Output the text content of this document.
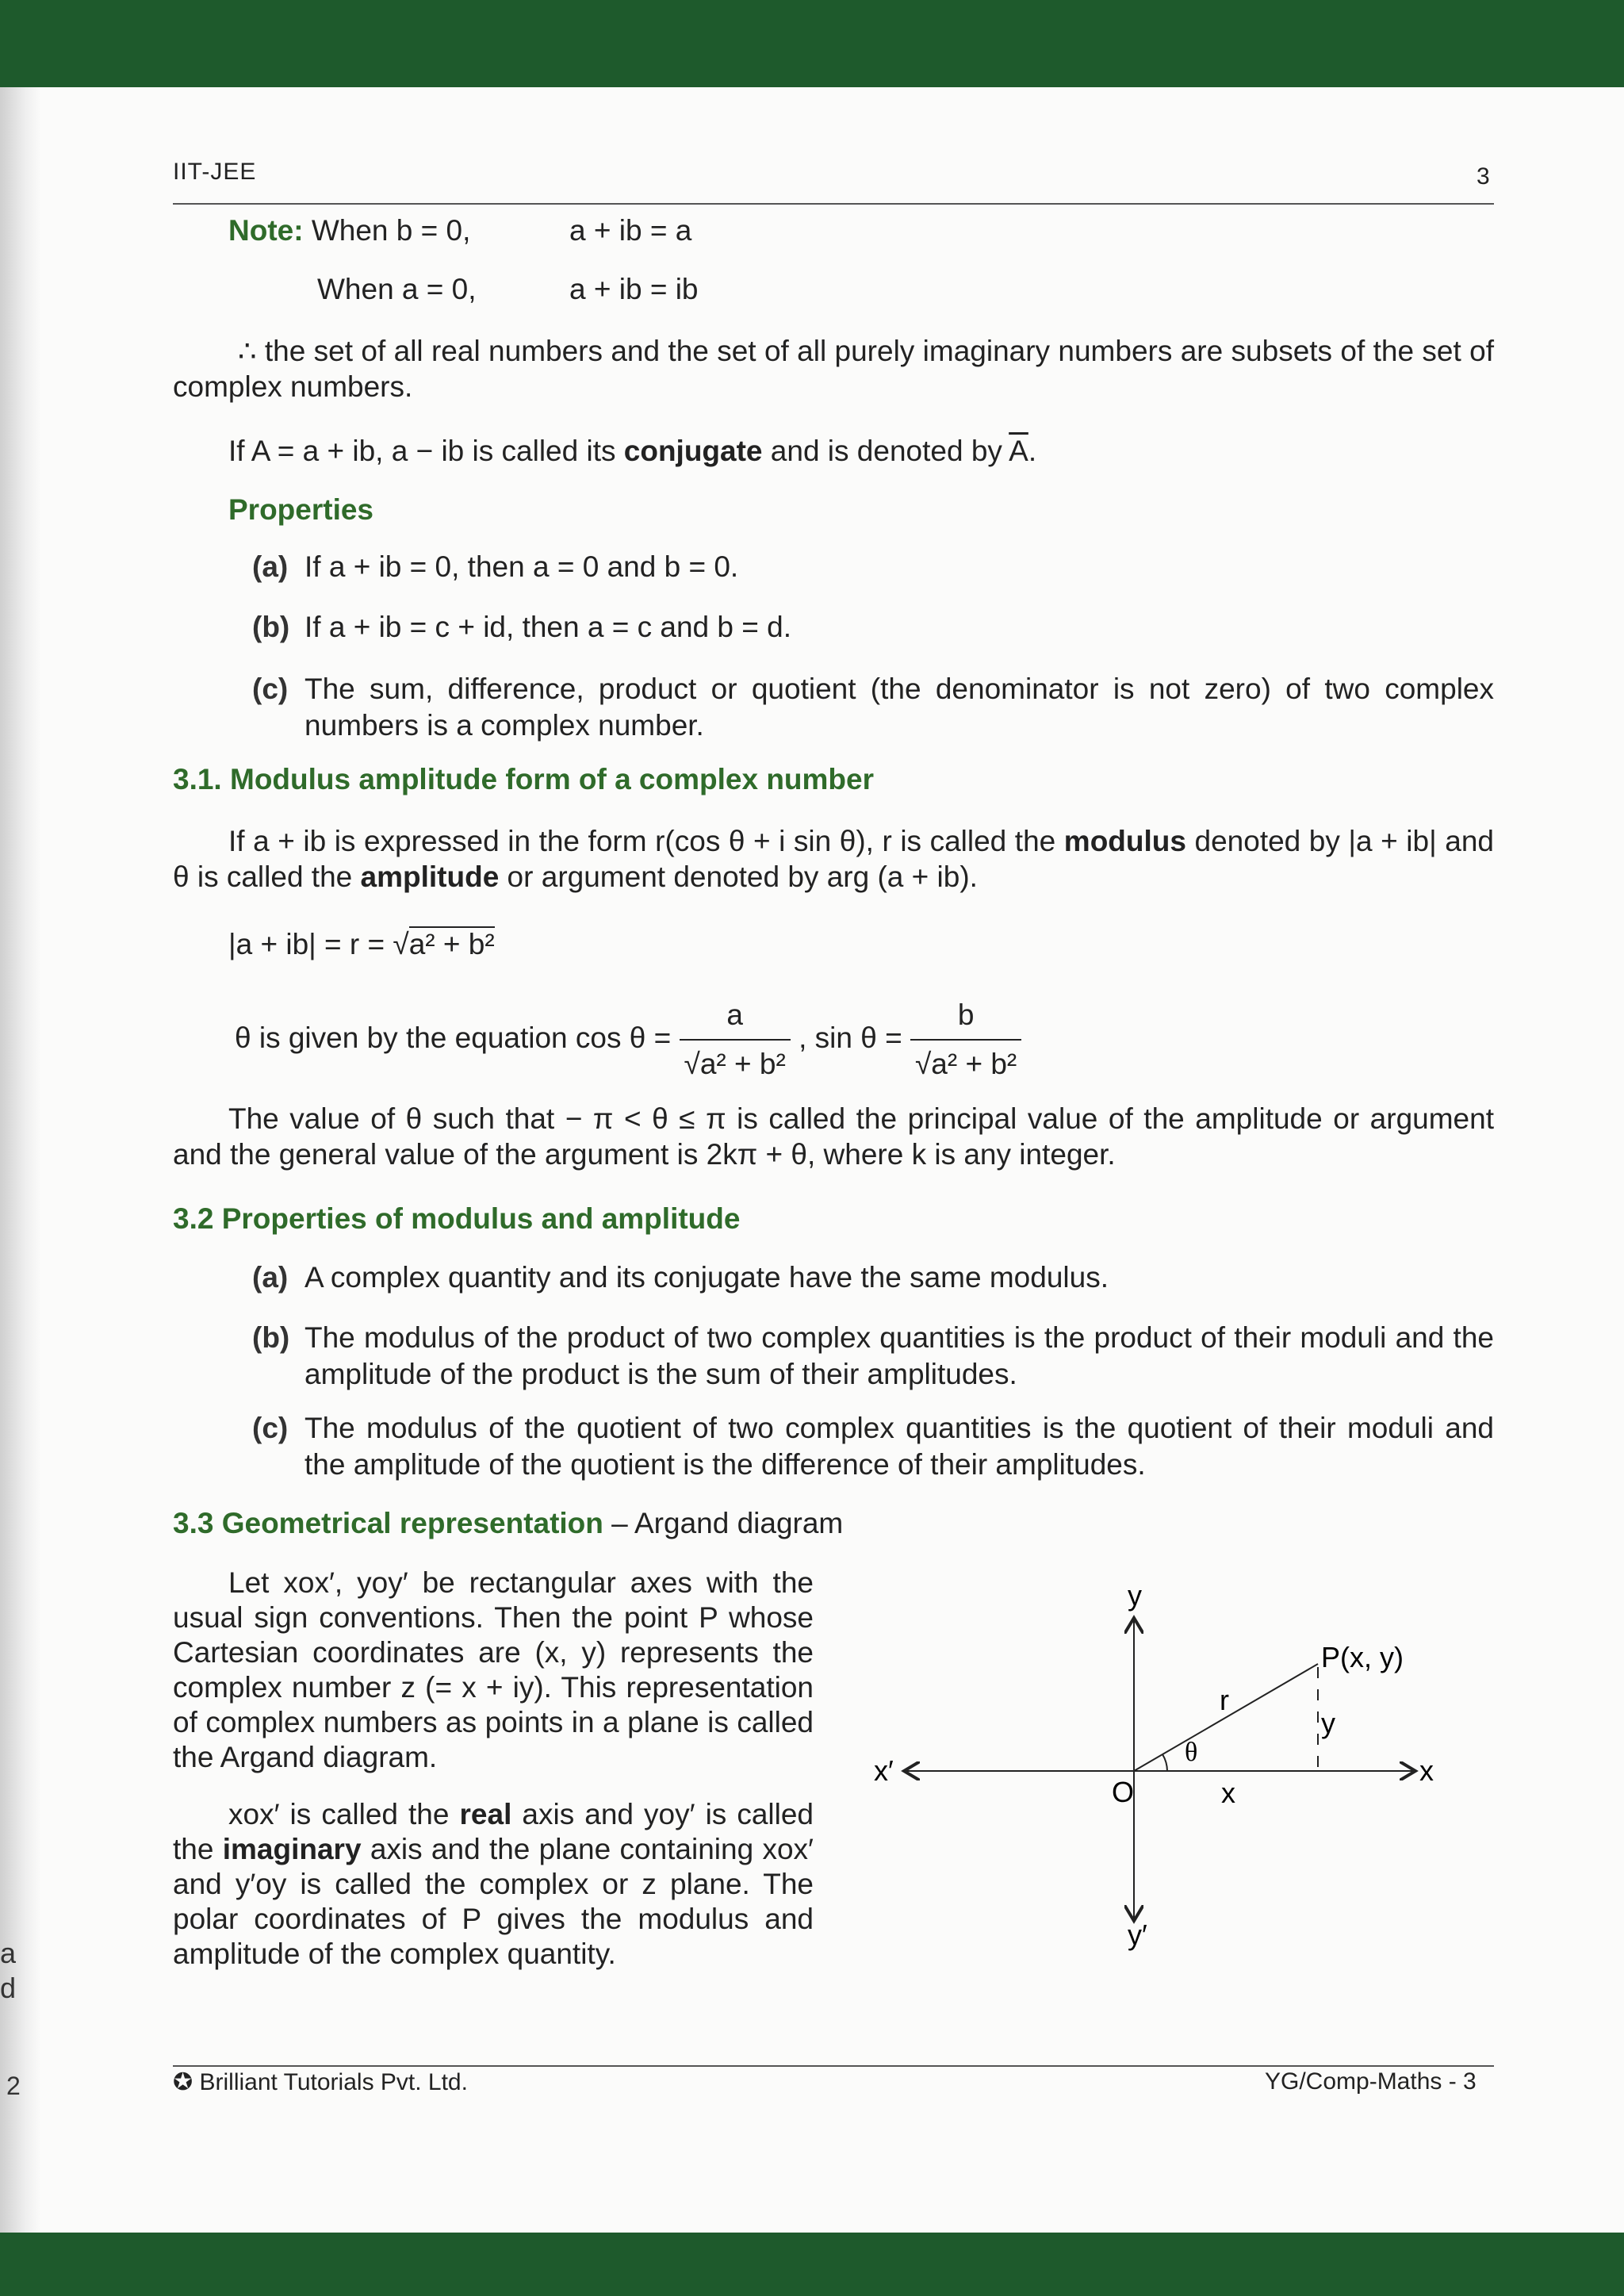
a
d
2
IIT-JEE	3
Note: When b = 0,	a + ib = a
When a = 0,	a + ib = ib
∴ the set of all real numbers and the set of all purely imaginary numbers are subsets of the set of complex numbers.
If A = a + ib, a − ib is called its conjugate and is denoted by $\overline{A}$.
Properties
(a) If a + ib = 0, then a = 0 and b = 0.
(b) If a + ib = c + id, then a = c and b = d.
(c) The sum, difference, product or quotient (the denominator is not zero) of two complex numbers is a complex number.
3.1. Modulus amplitude form of a complex number
If a + ib is expressed in the form r(cos θ + i sin θ), r is called the modulus denoted by |a + ib| and θ is called the amplitude or argument denoted by arg (a + ib).
|a + ib| = r = √a² + b²
θ is given by the equation $\cos \theta = \frac{a}{\text{√a² + b²}}$ , $\sin \theta = \frac{b}{\text{√a² + b²}}$
The value of θ such that − π < θ ≤ π is called the principal value of the amplitude or argument and the general value of the argument is 2kπ + θ, where k is any integer.
3.2 Properties of modulus and amplitude
(a) A complex quantity and its conjugate have the same modulus.
(b) The modulus of the product of two complex quantities is the product of their moduli and the amplitude of the product is the sum of their amplitudes.
(c) The modulus of the quotient of two complex quantities is the quotient of their moduli and the amplitude of the quotient is the difference of their amplitudes.
3.3 Geometrical representation – Argand diagram
Let xox′, yoy′ be rectangular axes with the usual sign conventions. Then the point P whose Cartesian coordinates are (x, y) represents the complex number z (= x + iy). This representation of complex numbers as points in a plane is called the Argand diagram.
xox′ is called the real axis and yoy′ is called the imaginary axis and the plane containing xox′ and y′oy is called the complex or z plane. The polar coordinates of P gives the modulus and amplitude of the complex quantity.
y
y′
x
x′
O
P(x, y)
r
θ
x
y
✪ Brilliant Tutorials Pvt. Ltd.	YG/Comp-Maths - 3
